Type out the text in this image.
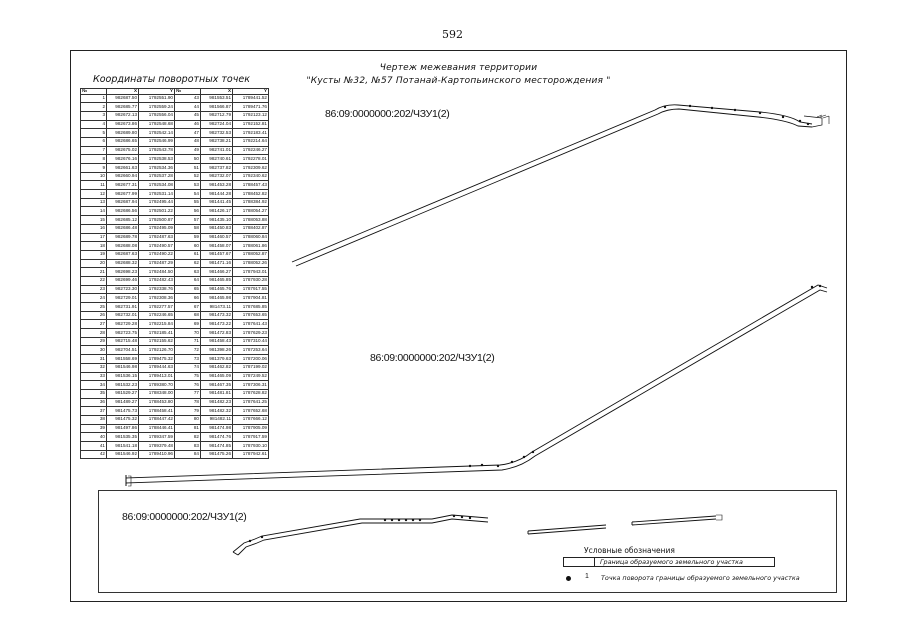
592
Чертеж межевания территории
"Кусты №32, №57 Потанай-Картопьинского месторождения "
Координаты поворотных точек
№	X	Y	№	X	Y
1	982687.50	1792551.90	43	981553.51	1789441.52
2	982685.77	1792559.24	44	981566.87	1789471.76
3	982672.13	1792556.04	45	982712.79	1792123.12
4	982673.86	1792548.68	46	982724.04	1792152.81
5	982689.80	1792542.14	47	982732.53	1792183.41
6	982686.65	1792546.99	48	982738.21	1792214.64
7	982675.02	1792543.78	49	982741.01	1792246.27
8	982676.16	1792538.53	50	982740.61	1792278.01
9	982661.63	1792534.36	51	982737.82	1792309.62
10	982660.94	1792537.28	52	982732.07	1792340.62
11	982677.31	1792534.08	53	981453.28	1788457.43
12	982677.99	1792531.14	54	981444.28	1788452.82
13	982687.94	1792495.44	55	981441.45	1788384.92
14	982686.56	1792501.22	56	981426.17	1788054.27
15	982685.12	1792500.87	57	981435.10	1788053.88
16	982686.48	1792495.09	58	981450.83	1788402.87
17	982689.78	1792487.63	59	981460.57	1788060.84
18	982688.08	1792490.57	60	981458.07	1788061.86
19	982687.63	1792490.22	61	981457.67	1788052.87
20	982688.32	1792487.29	62	981471.16	1788052.26
21	982698.23	1792484.50	63	981466.27	1787943.01
22	982699.46	1792482.43	64	981465.85	1787930.28
23	982723.30	1792338.76	65	981465.76	1787917.55
24	982729.01	1792308.36	66	981465.98	1787904.81
25	982731.91	1792277.57	67	981473.11	1787685.85
26	982732.01	1792246.65	68	981473.32	1787653.65
27	982729.28	1792215.84	69	981473.22	1787641.43
28	982723.75	1792185.41	70	981472.83	1787629.23
29	982715.48	1792155.62	71	981458.43	1787310.44
30	982704.51	1792126.70	72	981398.26	1787253.64
31	981558.69	1789475.32	73	981379.63	1787200.06
32	981546.98	1789444.63	74	981462.82	1787199.02
33	981536.15	1789413.01	75	981465.09	1787249.52
34	981532.23	1789380.70	76	981467.35	1787306.31
35	981529.27	1788348.00	77	981481.81	1787628.82
36	981489.27	1788453.80	78	981482.23	1787641.25
37	981475.73	1788458.41	79	981482.32	1787652.68
38	981475.32	1788447.42	80	981482.11	1787666.12
39	981497.86	1788446.41	81	981474.98	1787905.09
40	981535.35	1789347.59	82	981474.76	1787917.59
41	981541.18	1789379.48	83	981474.85	1787930.10
42	981546.92	1789410.96	84	981475.26	1787942.61
86:09:0000000:202/ЧЗУ1(2)
86:09:0000000:202/ЧЗУ1(2)
86:09:0000000:202/ЧЗУ1(2)
Условные обозначения
Граница образуемого земельного участка
1 Точка поворота границы образуемого земельного участка
